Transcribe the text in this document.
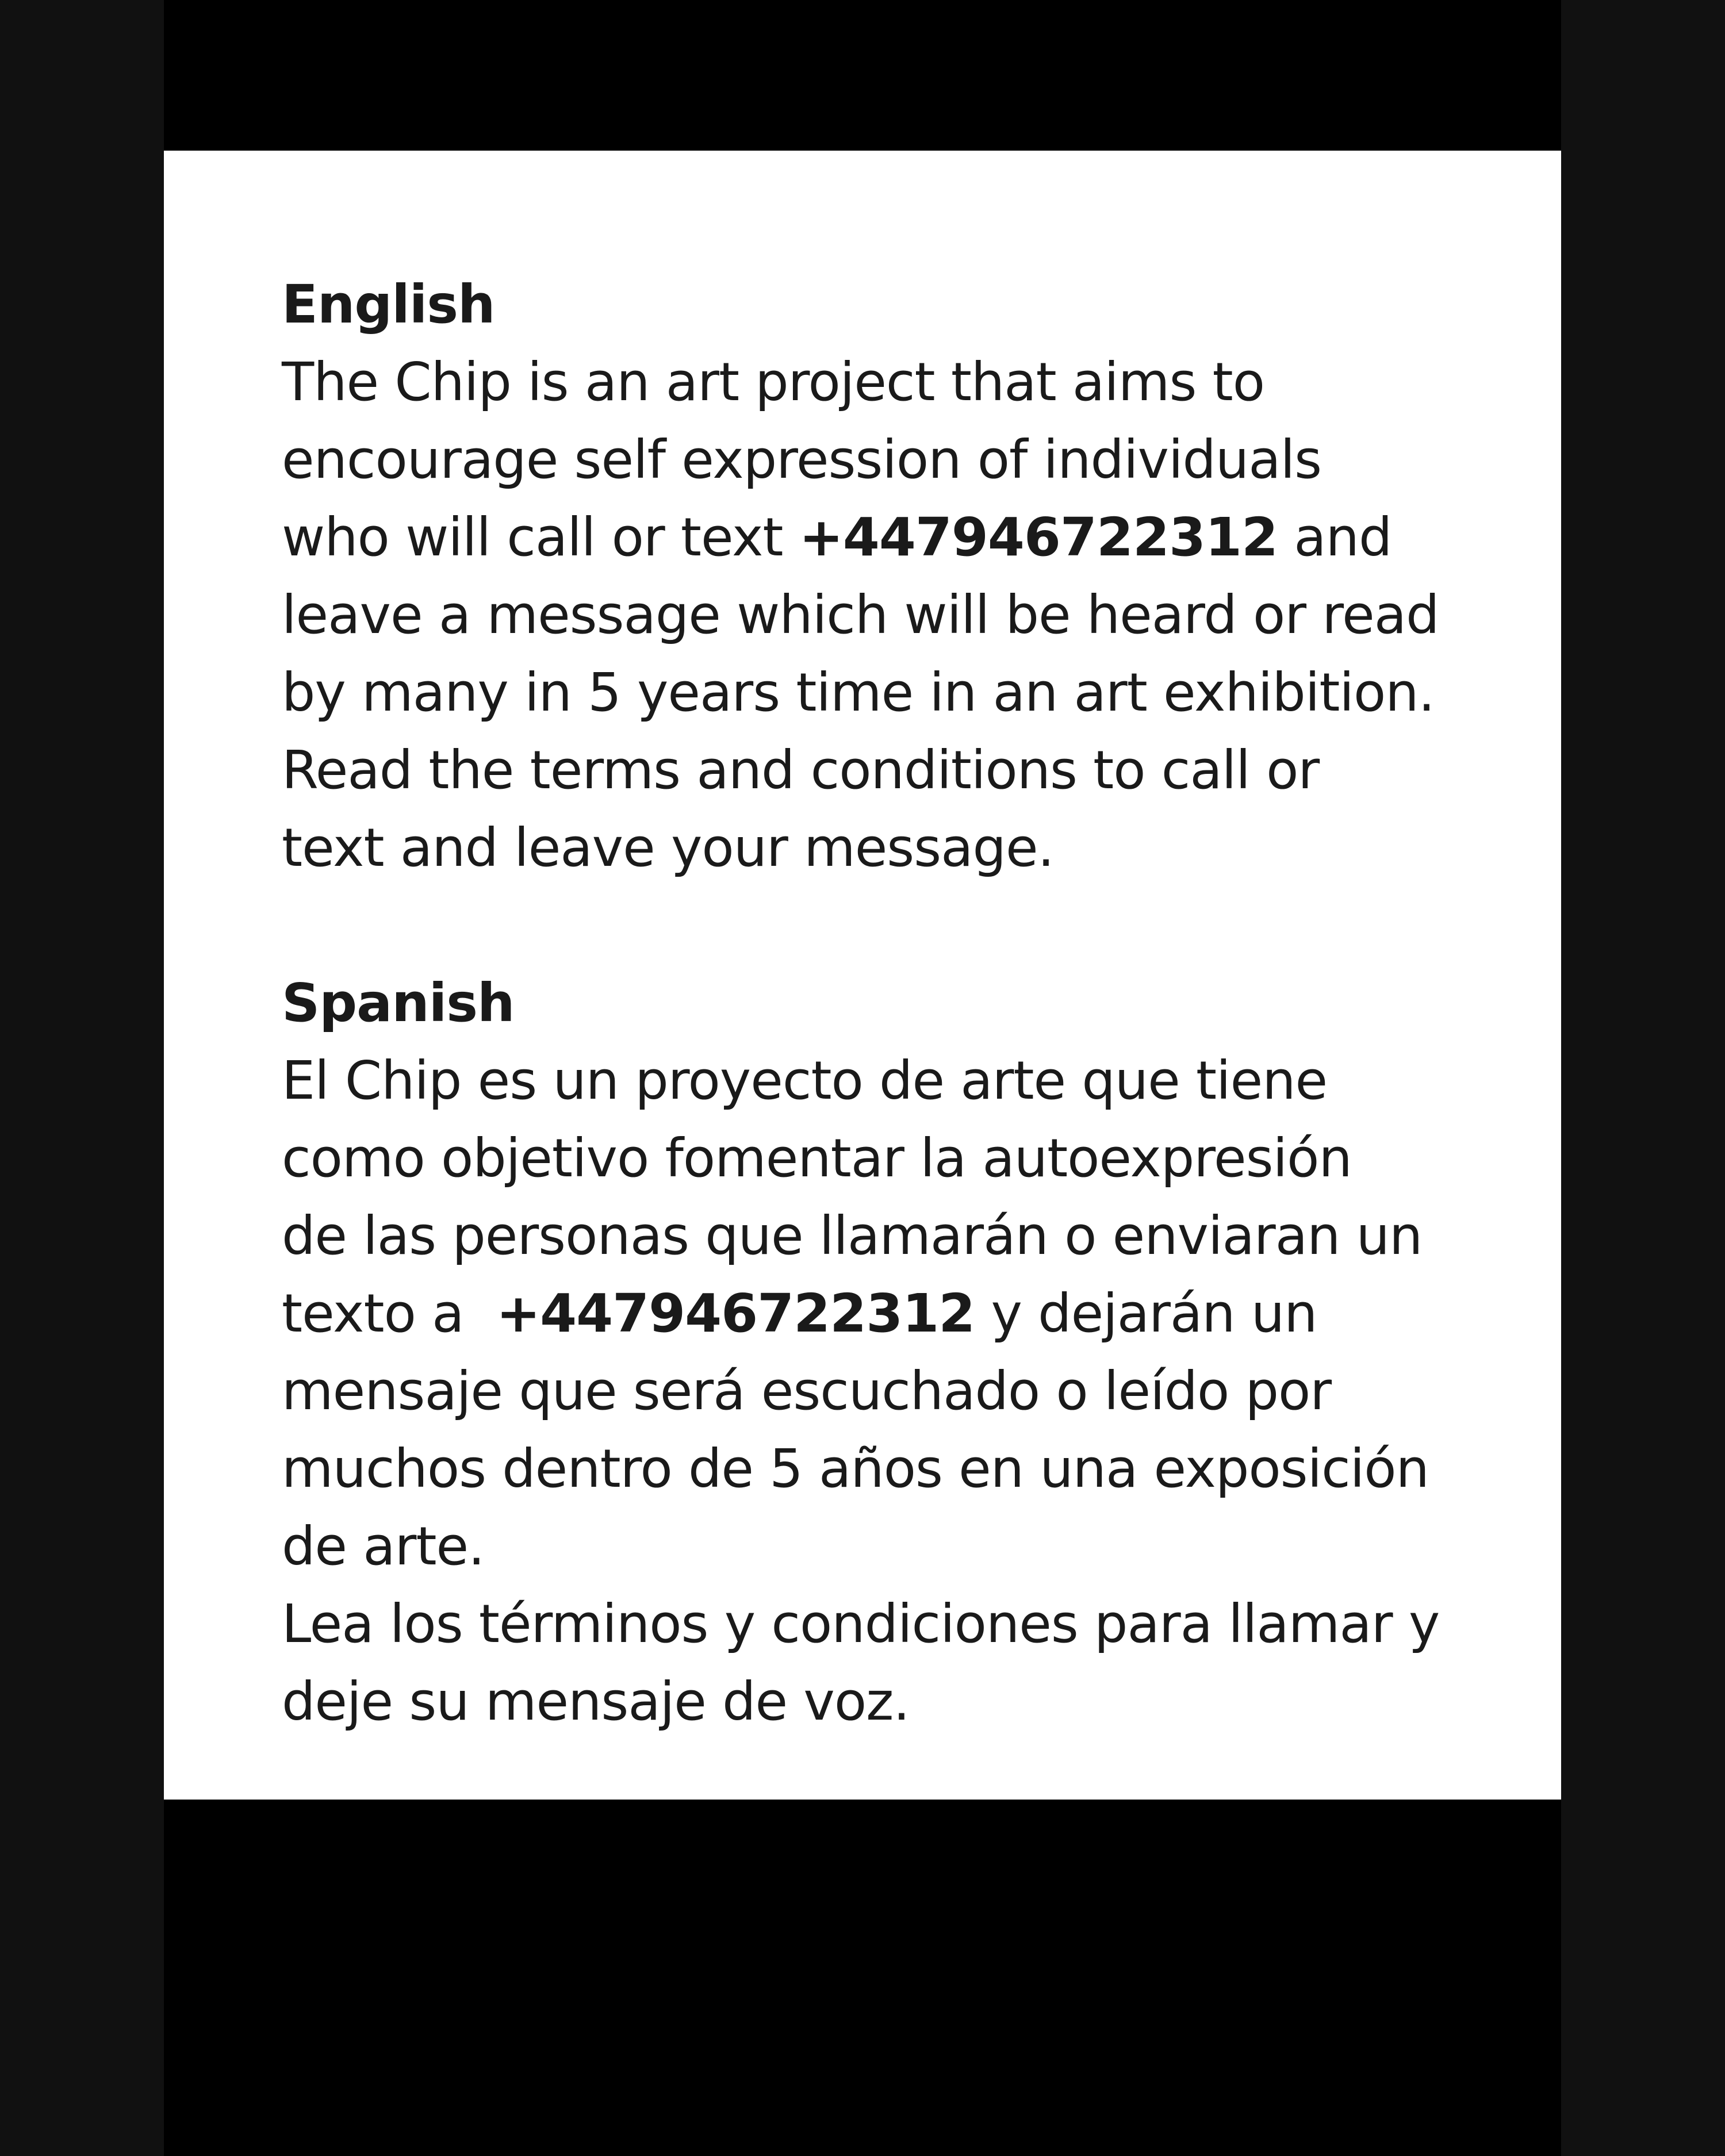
English
The Chip is an art project that aims to
encourage self expression of individuals
who will call or text +447946722312 and
leave a message which will be heard or read
by many in 5 years time in an art exhibition.
Read the terms and conditions to call or
text and leave your message.
Spanish
El Chip es un proyecto de arte que tiene
como objetivo fomentar la autoexpresión
de las personas que llamarán o enviaran un
texto a  +447946722312 y dejarán un
mensaje que será escuchado o leído por
muchos dentro de 5 años en una exposición
de arte.
Lea los términos y condiciones para llamar y
deje su mensaje de voz.
